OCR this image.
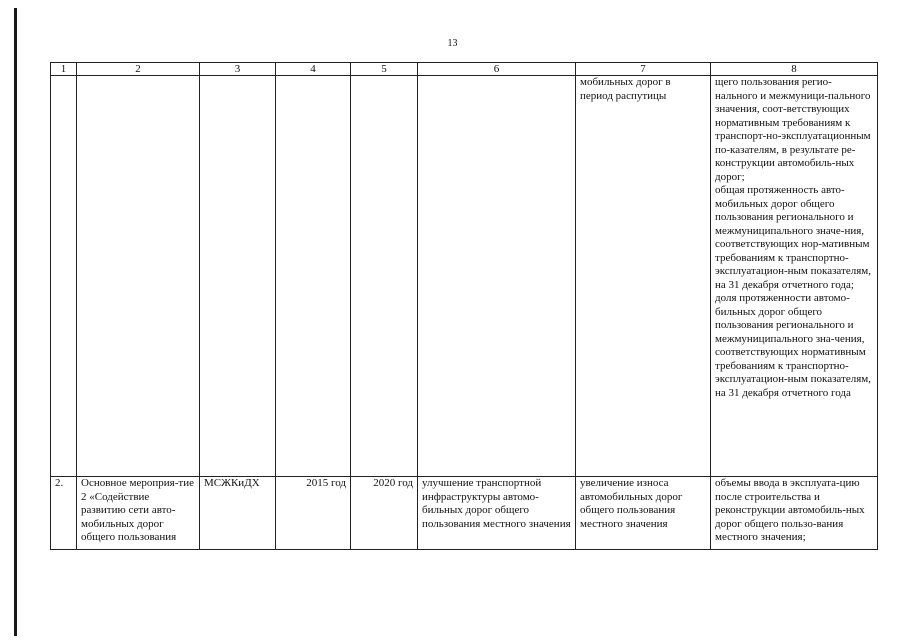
13
1	2	3	4	5	6	7	8
						мобильных дорог в период распутицы	щего пользования регио-нального и межмуници-пального значения, соот-ветствующих нормативным требованиям к транспорт-но-эксплуатационным по-казателям, в результате ре-конструкции автомобиль-ных дорог;

общая протяженность авто-мобильных дорог общего пользования регионального и межмуниципального значе-ния, соответствующих нор-мативным требованиям к транспортно-эксплуатацион-ным показателям, на 31 декабря отчетного года;

доля протяженности автомо-бильных дорог общего пользования регионального и межмуниципального зна-чения, соответствующих нормативным требованиям к транспортно-эксплуатацион-ным показателям, на 31 декабря отчетного года

2.	Основное мероприя-тие 2 «Содействие развитию сети авто-мобильных дорог общего пользования	МСЖКиДХ	2015 год	2020 год	улучшение транспортной инфраструктуры автомо-бильных дорог общего пользования местного значения	увеличение износа автомобильных дорог общего пользования местного значения	объемы ввода в эксплуата-цию после строительства и реконструкции автомобиль-ных дорог общего пользо-вания местного значения;
